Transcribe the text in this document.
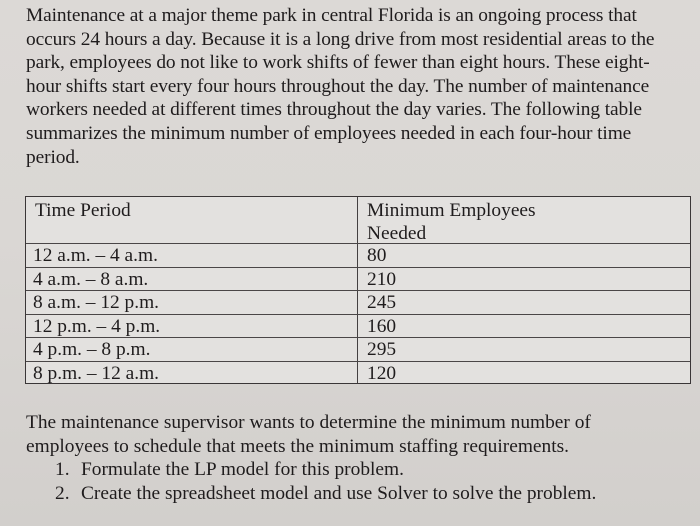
Maintenance at a major theme park in central Florida is an ongoing process that
occurs 24 hours a day. Because it is a long drive from most residential areas to the
park, employees do not like to work shifts of fewer than eight hours. These eight-
hour shifts start every four hours throughout the day. The number of maintenance
workers needed at different times throughout the day varies. The following table
summarizes the minimum number of employees needed in each four-hour time
period.

Time Period	Minimum Employees
Needed
12 a.m. – 4 a.m.	80
4 a.m. – 8 a.m.	210
8 a.m. – 12 p.m.	245
12 p.m. – 4 p.m.	160
4 p.m. – 8 p.m.	295
8 p.m. – 12 a.m.	120
The maintenance supervisor wants to determine the minimum number of
employees to schedule that meets the minimum staffing requirements.
1. Formulate the LP model for this problem.
2. Create the spreadsheet model and use Solver to solve the problem.
